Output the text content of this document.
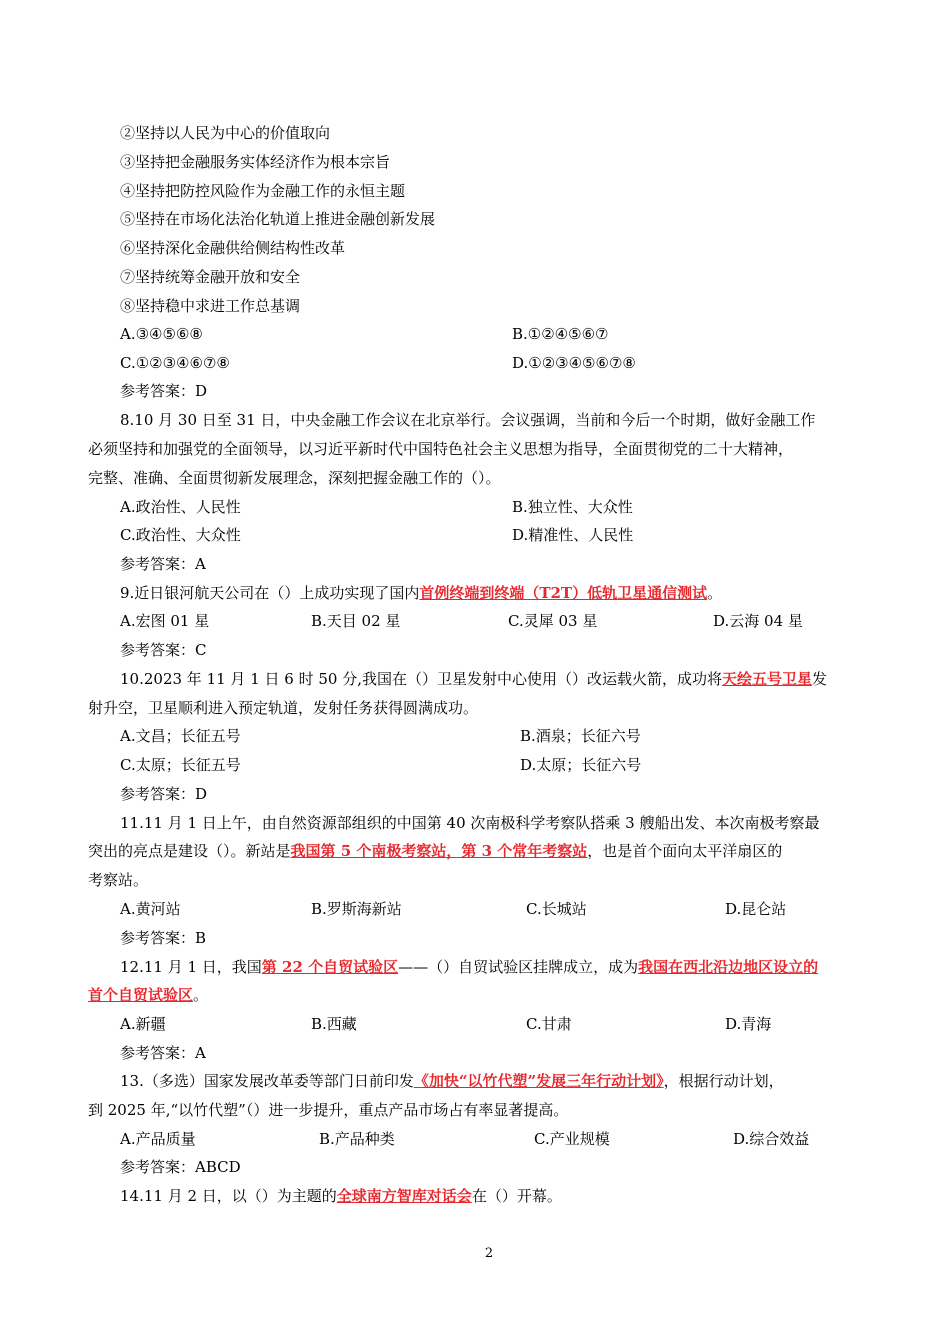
②坚持以人民为中心的价值取向
③坚持把金融服务实体经济作为根本宗旨
④坚持把防控风险作为金融工作的永恒主题
⑤坚持在市场化法治化轨道上推进金融创新发展
⑥坚持深化金融供给侧结构性改革
⑦坚持统筹金融开放和安全
⑧坚持稳中求进工作总基调
A.③④⑤⑥⑧	B.①②④⑤⑥⑦
C.①②③④⑥⑦⑧	D.①②③④⑤⑥⑦⑧
参考答案：D
8.10 月 30 日至 31 日，中央金融工作会议在北京举行。会议强调，当前和今后一个时期，做好金融工作
必须坚持和加强党的全面领导，以习近平新时代中国特色社会主义思想为指导，全面贯彻党的二十大精神，
完整、准确、全面贯彻新发展理念，深刻把握金融工作的（）。
A.政治性、人民性	B.独立性、大众性
C.政治性、大众性	D.精准性、人民性
参考答案：A
9.近日银河航天公司在（）上成功实现了国内首例终端到终端（T2T）低轨卫星通信测试。
A.宏图 01 星	B.天目 02 星	C.灵犀 03 星	D.云海 04 星
参考答案：C
10.2023 年 11 月 1 日 6 时 50 分,我国在（）卫星发射中心使用（）改运载火箭，成功将天绘五号卫星发
射升空，卫星顺利进入预定轨道，发射任务获得圆满成功。
A.文昌；长征五号	B.酒泉；长征六号
C.太原；长征五号	D.太原；长征六号
参考答案：D
11.11 月 1 日上午，由自然资源部组织的中国第 40 次南极科学考察队搭乘 3 艘船出发、本次南极考察最
突出的亮点是建设（）。新站是我国第 5 个南极考察站，第 3 个常年考察站，也是首个面向太平洋扇区的
考察站。
A.黄河站	B.罗斯海新站	C.长城站	D.昆仑站
参考答案：B
12.11 月 1 日，我国第 22 个自贸试验区——（）自贸试验区挂牌成立，成为我国在西北沿边地区设立的
首个自贸试验区。
A.新疆	B.西藏	C.甘肃	D.青海
参考答案：A
13.（多选）国家发展改革委等部门日前印发《加快“以竹代塑”发展三年行动计划》，根据行动计划，
到 2025 年,“以竹代塑”（）进一步提升，重点产品市场占有率显著提高。
A.产品质量	B.产品种类	C.产业规模	D.综合效益
参考答案：ABCD
14.11 月 2 日，以（）为主题的全球南方智库对话会在（）开幕。
2
